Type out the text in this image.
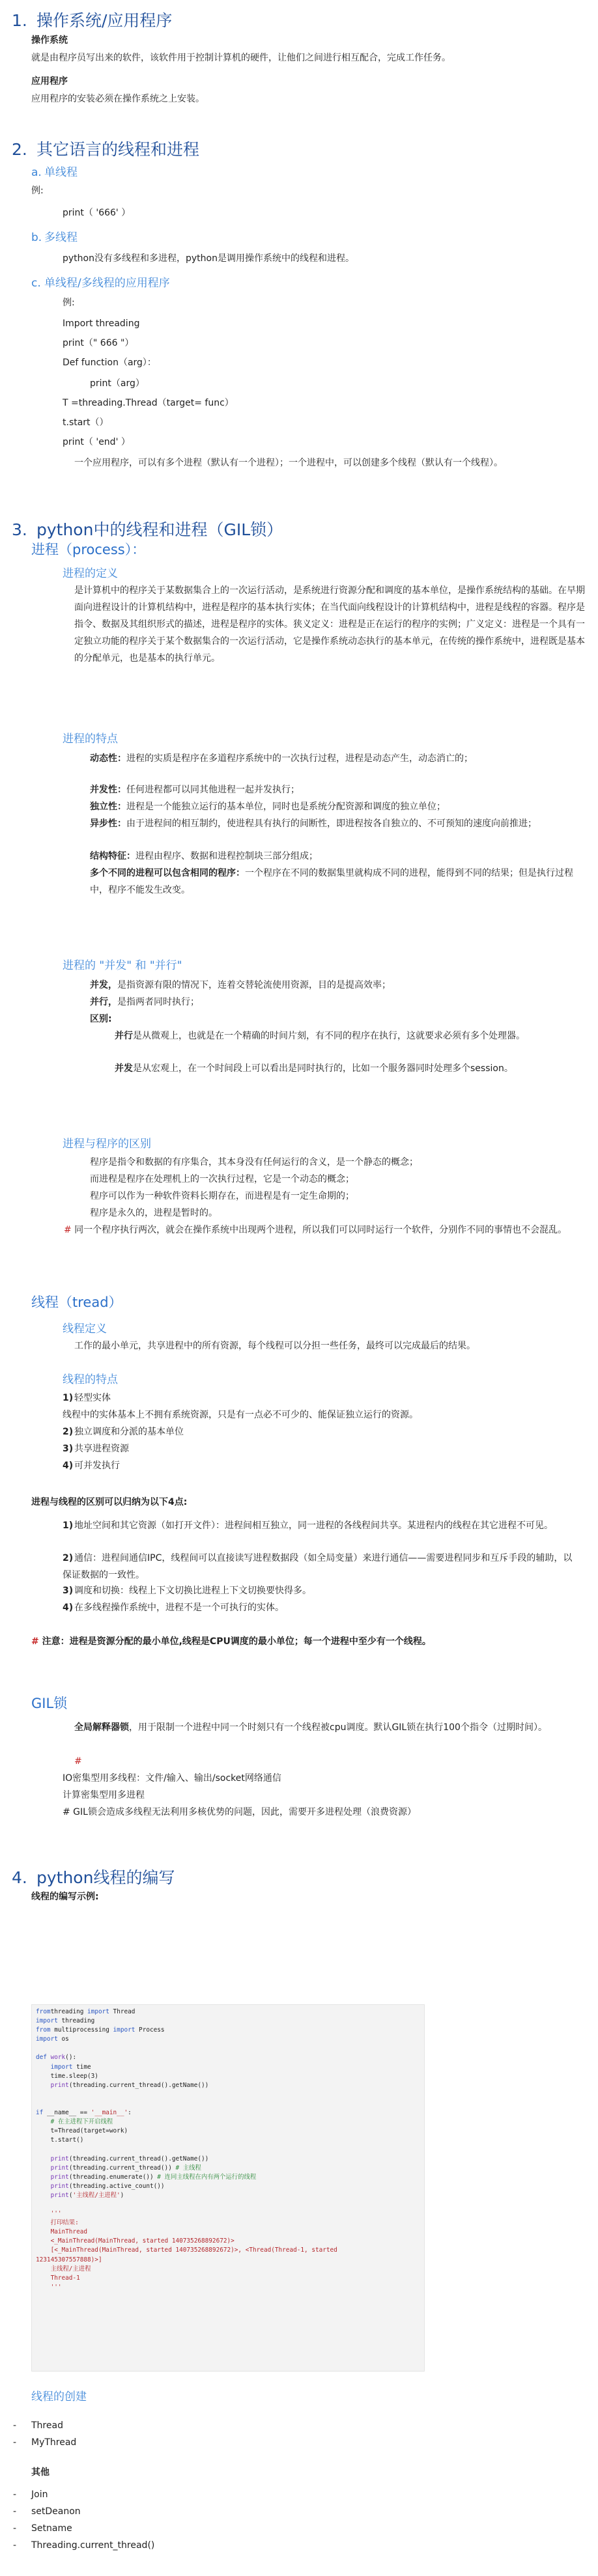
1. 操作系统/应用程序
操作系统
就是由程序员写出来的软件，该软件用于控制计算机的硬件，让他们之间进行相互配合，完成工作任务。
应用程序
应用程序的安装必须在操作系统之上安装。
2. 其它语言的线程和进程
a. 单线程
例:
print（ '666' ）
b. 多线程
python没有多线程和多进程，python是调用操作系统中的线程和进程。
c. 单线程/多线程的应用程序
例:
Import threading
print（" 666 "）
Def function（arg）：
print（arg）
T =threading.Thread（target= func）
t.start（）
print（ 'end' ）
一个应用程序，可以有多个进程（默认有一个进程）；一个进程中，可以创建多个线程（默认有一个线程）。
3. python中的线程和进程（GIL锁）
进程（process）：
进程的定义
是计算机中的程序关于某数据集合上的一次运行活动，是系统进行资源分配和调度的基本单位，是操作系统结构的基础。在早期面向进程设计的计算机结构中，进程是程序的基本执行实体；在当代面向线程设计的计算机结构中，进程是线程的容器。程序是指令、数据及其组织形式的描述，进程是程序的实体。狭义定义：进程是正在运行的程序的实例；广义定义：进程是一个具有一定独立功能的程序关于某个数据集合的一次运行活动，它是操作系统动态执行的基本单元，在传统的操作系统中，进程既是基本的分配单元，也是基本的执行单元。
进程的特点
动态性：进程的实质是程序在多道程序系统中的一次执行过程，进程是动态产生，动态消亡的；
并发性：任何进程都可以同其他进程一起并发执行；
独立性：进程是一个能独立运行的基本单位，同时也是系统分配资源和调度的独立单位；
异步性：由于进程间的相互制约，使进程具有执行的间断性，即进程按各自独立的、不可预知的速度向前推进；
结构特征：进程由程序、数据和进程控制块三部分组成；
多个不同的进程可以包含相同的程序：一个程序在不同的数据集里就构成不同的进程，能得到不同的结果；但是执行过程中，程序不能发生改变。
进程的 "并发" 和 "并行"
并发，是指资源有限的情况下，连着交替轮流使用资源，目的是提高效率；
并行，是指两者同时执行；
区别:
并行是从微观上，也就是在一个精确的时间片刻，有不同的程序在执行，这就要求必须有多个处理器。
并发是从宏观上，在一个时间段上可以看出是同时执行的，比如一个服务器同时处理多个session。
进程与程序的区别
程序是指令和数据的有序集合，其本身没有任何运行的含义，是一个静态的概念；
而进程是程序在处理机上的一次执行过程，它是一个动态的概念；
程序可以作为一种软件资料长期存在，而进程是有一定生命期的；
程序是永久的，进程是暂时的。
# 同一个程序执行两次，就会在操作系统中出现两个进程，所以我们可以同时运行一个软件，分别作不同的事情也不会混乱。
线程（tread）
线程定义
工作的最小单元，共享进程中的所有资源，每个线程可以分担一些任务，最终可以完成最后的结果。
线程的特点
1) 轻型实体
线程中的实体基本上不拥有系统资源，只是有一点必不可少的、能保证独立运行的资源。
2) 独立调度和分派的基本单位
3) 共享进程资源
4) 可并发执行
进程与线程的区别可以归纳为以下4点:
1) 地址空间和其它资源（如打开文件）：进程间相互独立，同一进程的各线程间共享。某进程内的线程在其它进程不可见。
2) 通信：进程间通信IPC，线程间可以直接读写进程数据段（如全局变量）来进行通信——需要进程同步和互斥手段的辅助，以保证数据的一致性。
3) 调度和切换：线程上下文切换比进程上下文切换要快得多。
4) 在多线程操作系统中，进程不是一个可执行的实体。
# 注意：进程是资源分配的最小单位,线程是CPU调度的最小单位；每一个进程中至少有一个线程。
GIL锁
全局解释器锁，用于限制一个进程中同一个时刻只有一个线程被cpu调度。默认GIL锁在执行100个指令（过期时间）。
#
IO密集型用多线程：文件/输入、输出/socket网络通信
计算密集型用多进程
# GIL锁会造成多线程无法利用多核优势的问题，因此，需要开多进程处理（浪费资源）
4. python线程的编写
线程的编写示例:
线程的创建
- Thread
- MyThread
其他
- Join
- setDeanon
- Setname
- Threading.current_thread()
fromthreading import Thread
import threading
from multiprocessing import Process
import os
def work():
import time
time.sleep(3)
print(threading.current_thread().getName())
if __name__ == '__main__':
# 在主进程下开启线程
t=Thread(target=work)
t.start()
print(threading.current_thread().getName())
print(threading.current_thread()) # 主线程
print(threading.enumerate()) # 连同主线程在内有两个运行的线程
print(threading.active_count())
print('主线程/主进程')
'''
打印结果:
MainThread
<_MainThread(MainThread, started 140735268892672)>
[<_MainThread(MainThread, started 140735268892672)>, <Thread(Thread-1, started
123145307557888)>]
主线程/主进程
Thread-1
'''
